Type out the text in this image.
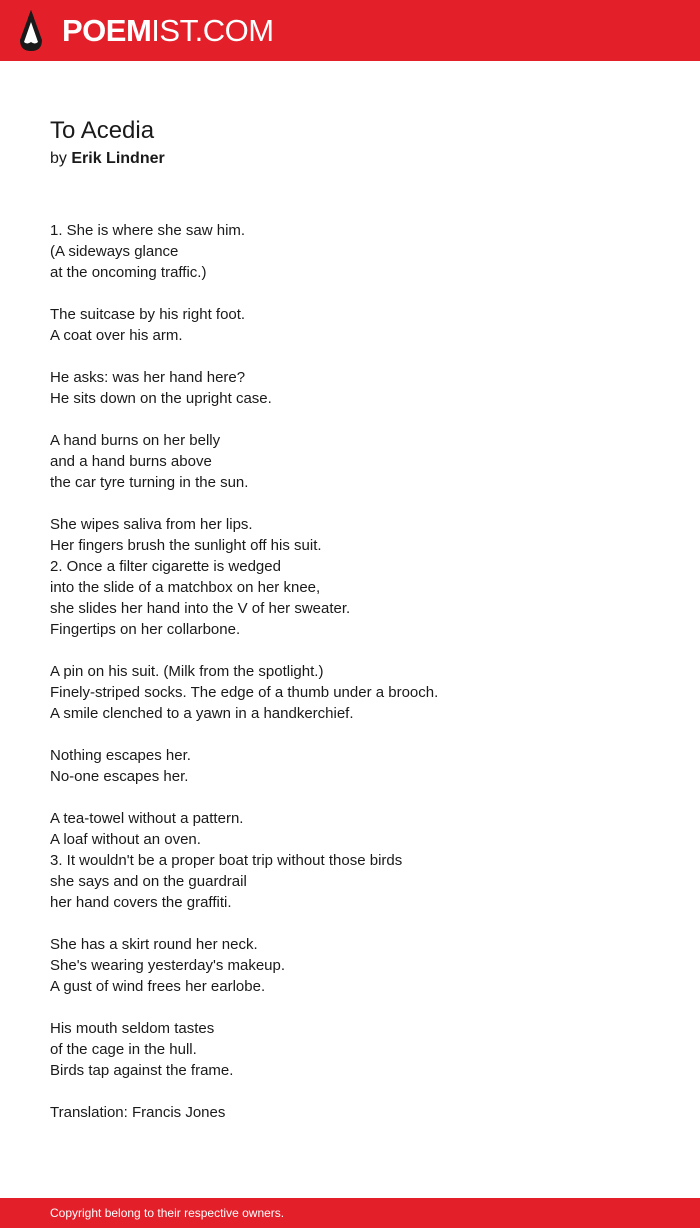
POEMIST.COM
To Acedia
by Erik Lindner
1. She is where she saw him.
(A sideways glance
at the oncoming traffic.)
The suitcase by his right foot.
A coat over his arm.
He asks: was her hand here?
He sits down on the upright case.
A hand burns on her belly
and a hand burns above
the car tyre turning in the sun.
She wipes saliva from her lips.
Her fingers brush the sunlight off his suit.
2. Once a filter cigarette is wedged
into the slide of a matchbox on her knee,
she slides her hand into the V of her sweater.
Fingertips on her collarbone.
A pin on his suit. (Milk from the spotlight.)
Finely-striped socks. The edge of a thumb under a brooch.
A smile clenched to a yawn in a handkerchief.
Nothing escapes her.
No-one escapes her.
A tea-towel without a pattern.
A loaf without an oven.
3. It wouldn't be a proper boat trip without those birds
she says and on the guardrail
her hand covers the graffiti.
She has a skirt round her neck.
She's wearing yesterday's makeup.
A gust of wind frees her earlobe.
His mouth seldom tastes
of the cage in the hull.
Birds tap against the frame.
Translation: Francis Jones
Copyright belong to their respective owners.
